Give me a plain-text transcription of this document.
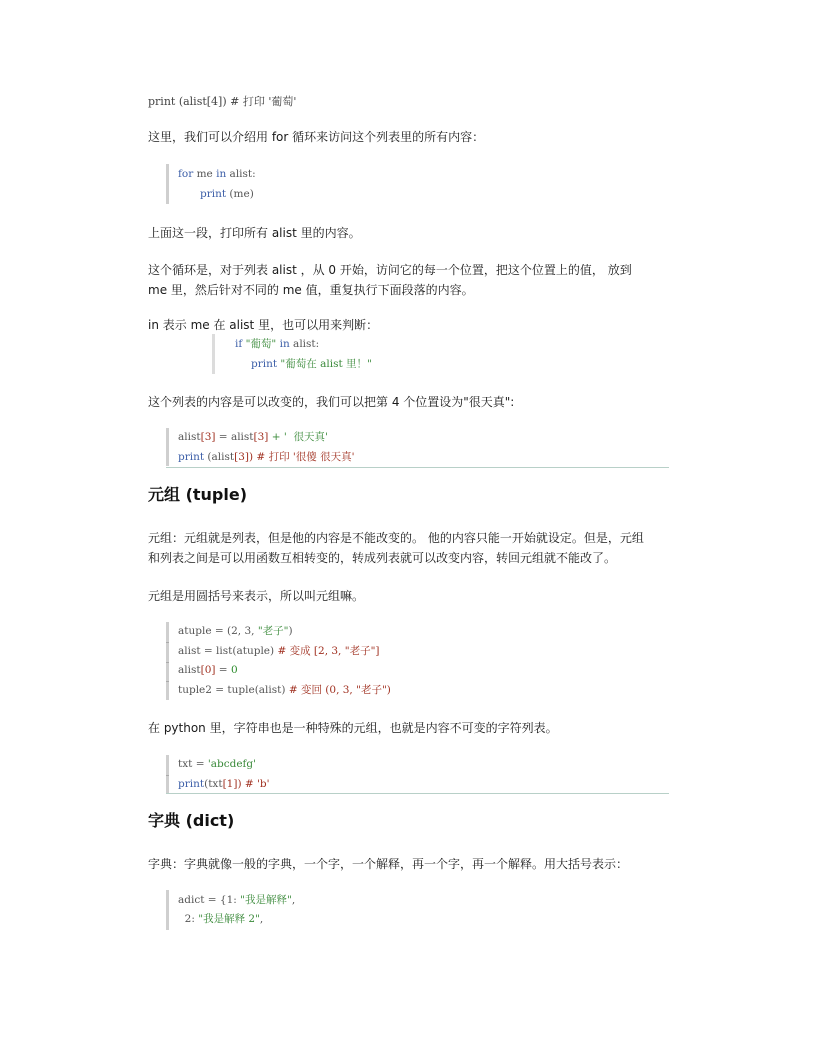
print (alist[4]) # 打印 '葡萄'
这里，我们可以介绍用 for 循环来访问这个列表里的所有内容：
for me in alist:
print (me)
上面这一段，打印所有 alist 里的内容。
这个循环是，对于列表 alist ，从 0 开始，访问它的每一个位置，把这个位置上的值， 放到
me 里，然后针对不同的 me 值，重复执行下面段落的内容。
in 表示 me 在 alist 里，也可以用来判断：
if "葡萄" in alist:
print "葡萄在 alist 里！"
这个列表的内容是可以改变的，我们可以把第 4 个位置设为"很天真":
alist[3] = alist[3] + '  很天真'
print (alist[3]) # 打印 '很傻 很天真'
元组 (tuple)
元组：元组就是列表，但是他的内容是不能改变的。 他的内容只能一开始就设定。但是，元组
和列表之间是可以用函数互相转变的，转成列表就可以改变内容，转回元组就不能改了。
元组是用圆括号来表示，所以叫元组嘛。
atuple = (2, 3, "老子")
alist = list(atuple) # 变成 [2, 3, "老子"]
alist[0] = 0
tuple2 = tuple(alist) # 变回 (0, 3, "老子")
在 python 里，字符串也是一种特殊的元组，也就是内容不可变的字符列表。
txt = 'abcdefg'
print(txt[1]) # 'b'
字典 (dict)
字典：字典就像一般的字典，一个字，一个解释，再一个字，再一个解释。用大括号表示：
adict = {1: "我是解释",
2: "我是解释 2",
